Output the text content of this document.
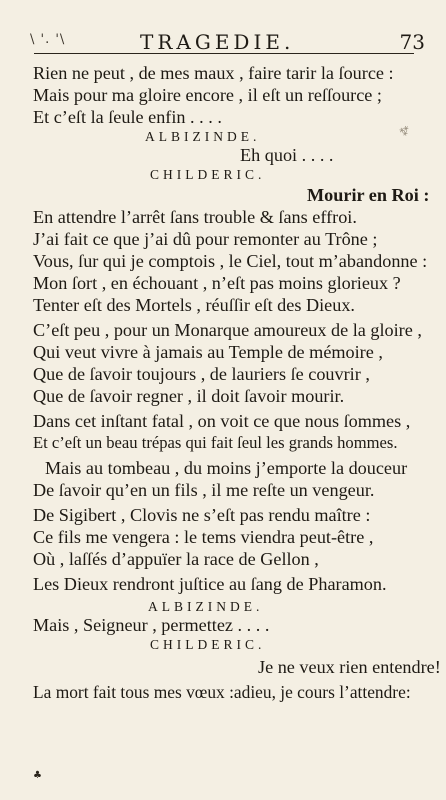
\ '. '\	TRAGEDIE.	73
Rien ne peut , de mes maux , faire tarir la ſource :
Mais pour ma gloire encore , il eſt un reſſource ;
Et c’eſt la ſeule enfin . . . .
ALBIZINDE.
Eh quoi . . . .
CHILDERIC.
Mourir en Roi :
En attendre l’arrêt ſans trouble & ſans effroi.
J’ai fait ce que j’ai dû pour remonter au Trône ;
Vous, ſur qui je comptois , le Ciel, tout m’abandonne :
Mon ſort , en échouant , n’eſt pas moins glorieux ?
Tenter eſt des Mortels , réuſſir eſt des Dieux.
C’eſt peu , pour un Monarque amoureux de la gloire ,
Qui veut vivre à jamais au Temple de mémoire ,
Que de ſavoir toujours , de lauriers ſe couvrir ,
Que de ſavoir regner , il doit ſavoir mourir.
Dans cet inſtant fatal , on voit ce que nous ſommes ,
Et c’eſt un beau trépas qui fait ſeul les grands hommes.
Mais au tombeau , du moins j’emporte la douceur
De ſavoir qu’en un fils , il me reſte un vengeur.
De Sigibert , Clovis ne s’eſt pas rendu maître :
Ce fils me vengera : le tems viendra peut-être ,
Où , laſſés d’appuïer la race de Gellon ,
Les Dieux rendront juſtice au ſang de Pharamon.
ALBIZINDE.
Mais , Seigneur , permettez . . . .
CHILDERIC.
Je ne veux rien entendre!
La mort fait tous mes vœux :adieu, je cours l’attendre:
⁂
♣
